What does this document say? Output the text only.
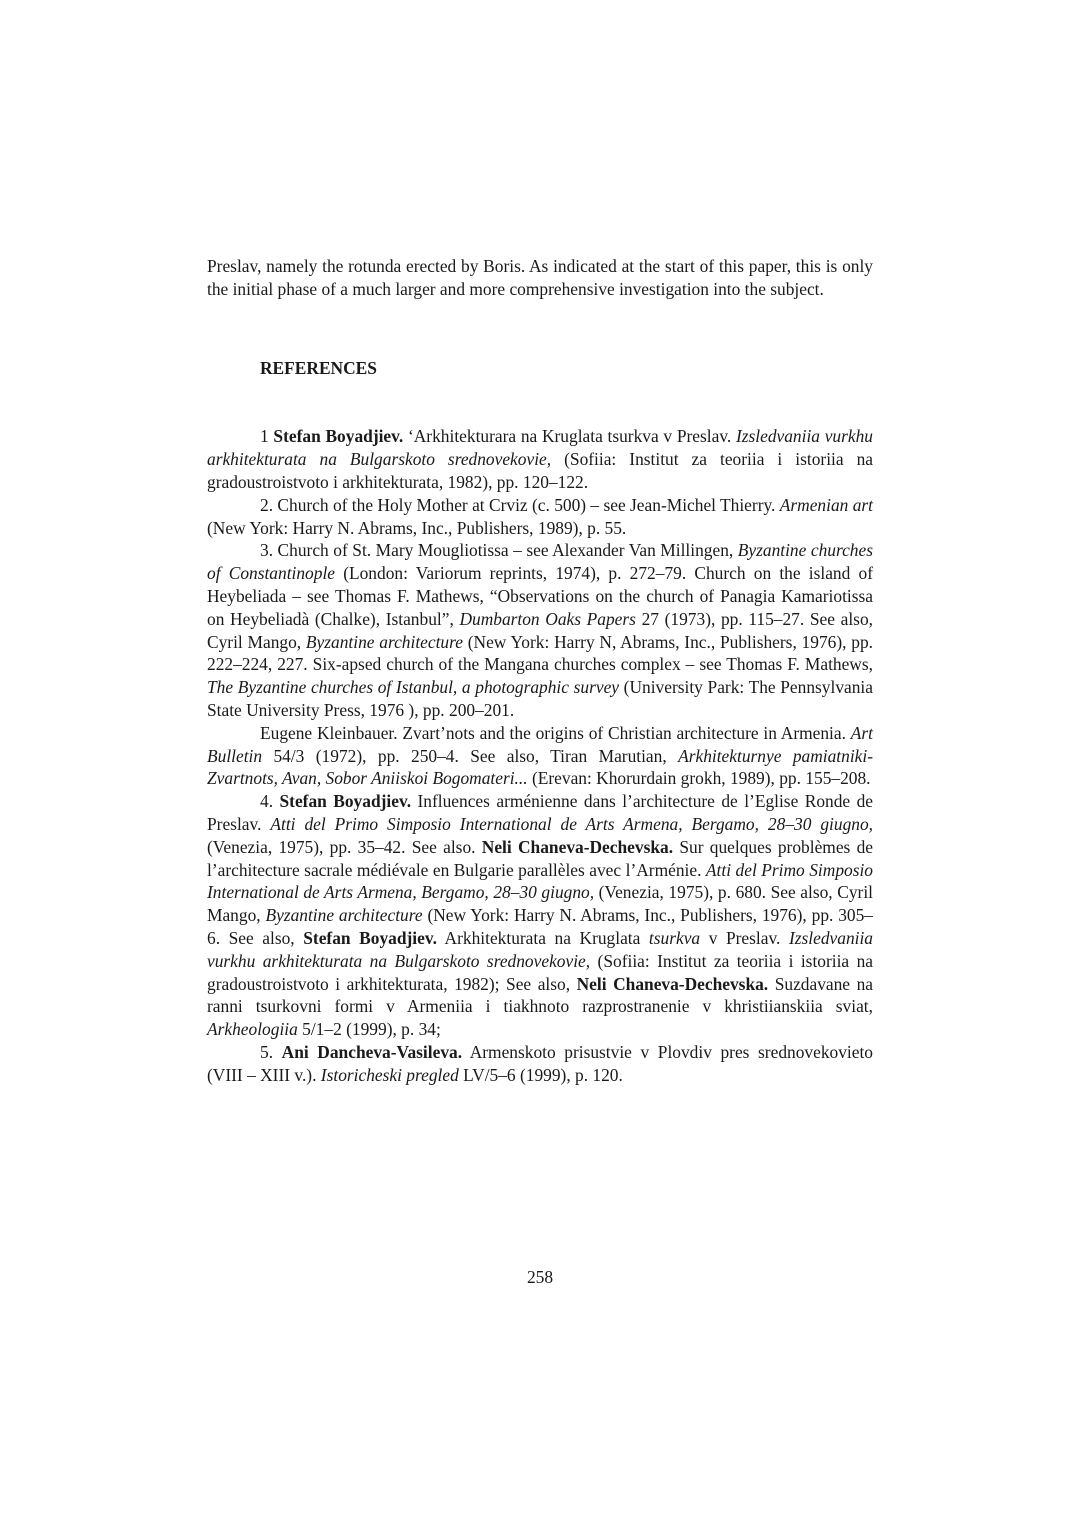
Preslav, namely the rotunda erected by Boris. As indicated at the start of this paper, this is only the initial phase of a much larger and more comprehensive investigation into the subject.

REFERENCES

1 Stefan Boyadjiev. ‘Arkhitekturara na Kruglata tsurkva v Preslav. Izsledvaniia vurkhu arkhitekturata na Bulgarskoto srednovekovie, (Sofiia: Institut za teoriia i istoriia na gradoustroistvoto i arkhitekturata, 1982), pp. 120–122.

2. Church of the Holy Mother at Crviz (c. 500) – see Jean-Michel Thierry. Armenian art (New York: Harry N. Abrams, Inc., Publishers, 1989), p. 55.

3. Church of St. Mary Mougliotissa – see Alexander Van Millingen, Byzantine churches of Constantinople (London: Variorum reprints, 1974), p. 272–79. Church on the island of Heybeliada – see Thomas F. Mathews, “Observations on the church of Panagia Kamariotissa on Heybeliadà (Chalke), Istanbul”, Dumbarton Oaks Papers 27 (1973), pp. 115–27. See also, Cyril Mango, Byzantine architecture (New York: Harry N, Abrams, Inc., Publishers, 1976), pp. 222–224, 227. Six-apsed church of the Mangana churches complex – see Thomas F. Mathews, The Byzantine churches of Istanbul, a photographic survey (University Park: The Pennsylvania State University Press, 1976 ), pp. 200–201.

Eugene Kleinbauer. Zvart’nots and the origins of Christian architecture in Armenia. Art Bulletin 54/3 (1972), pp. 250–4. See also, Tiran Marutian, Arkhitekturnye pamiatniki-Zvartnots, Avan, Sobor Aniiskoi Bogomateri... (Erevan: Khorurdain grokh, 1989), pp. 155–208.

4. Stefan Boyadjiev. Influences arménienne dans l’architecture de l’Eglise Ronde de Preslav. Atti del Primo Simposio International de Arts Armena, Bergamo, 28–30 giugno, (Venezia, 1975), pp. 35–42. See also. Neli Chaneva-Dechevska. Sur quelques problèmes de l’architecture sacrale médiévale en Bulgarie parallèles avec l’Arménie. Atti del Primo Simposio International de Arts Armena, Bergamo, 28–30 giugno, (Venezia, 1975), p. 680. See also, Cyril Mango, Byzantine architecture (New York: Harry N. Abrams, Inc., Publishers, 1976), pp. 305–6. See also, Stefan Boyadjiev. Arkhitekturata na Kruglata tsurkva v Preslav. Izsledvaniia vurkhu arkhitekturata na Bulgarskoto srednovekovie, (Sofiia: Institut za teoriia i istoriia na gradoustroistvoto i arkhitekturata, 1982); See also, Neli Chaneva-Dechevska. Suzdavane na ranni tsurkovni formi v Armeniia i tiakhnoto razprostranenie v khristiianskiia sviat, Arkheologiia 5/1–2 (1999), p. 34;

5. Ani Dancheva-Vasileva. Armenskoto prisustvie v Plovdiv pres srednovekovieto (VIII – XIII v.). Istoricheski pregled LV/5–6 (1999), p. 120.

258
